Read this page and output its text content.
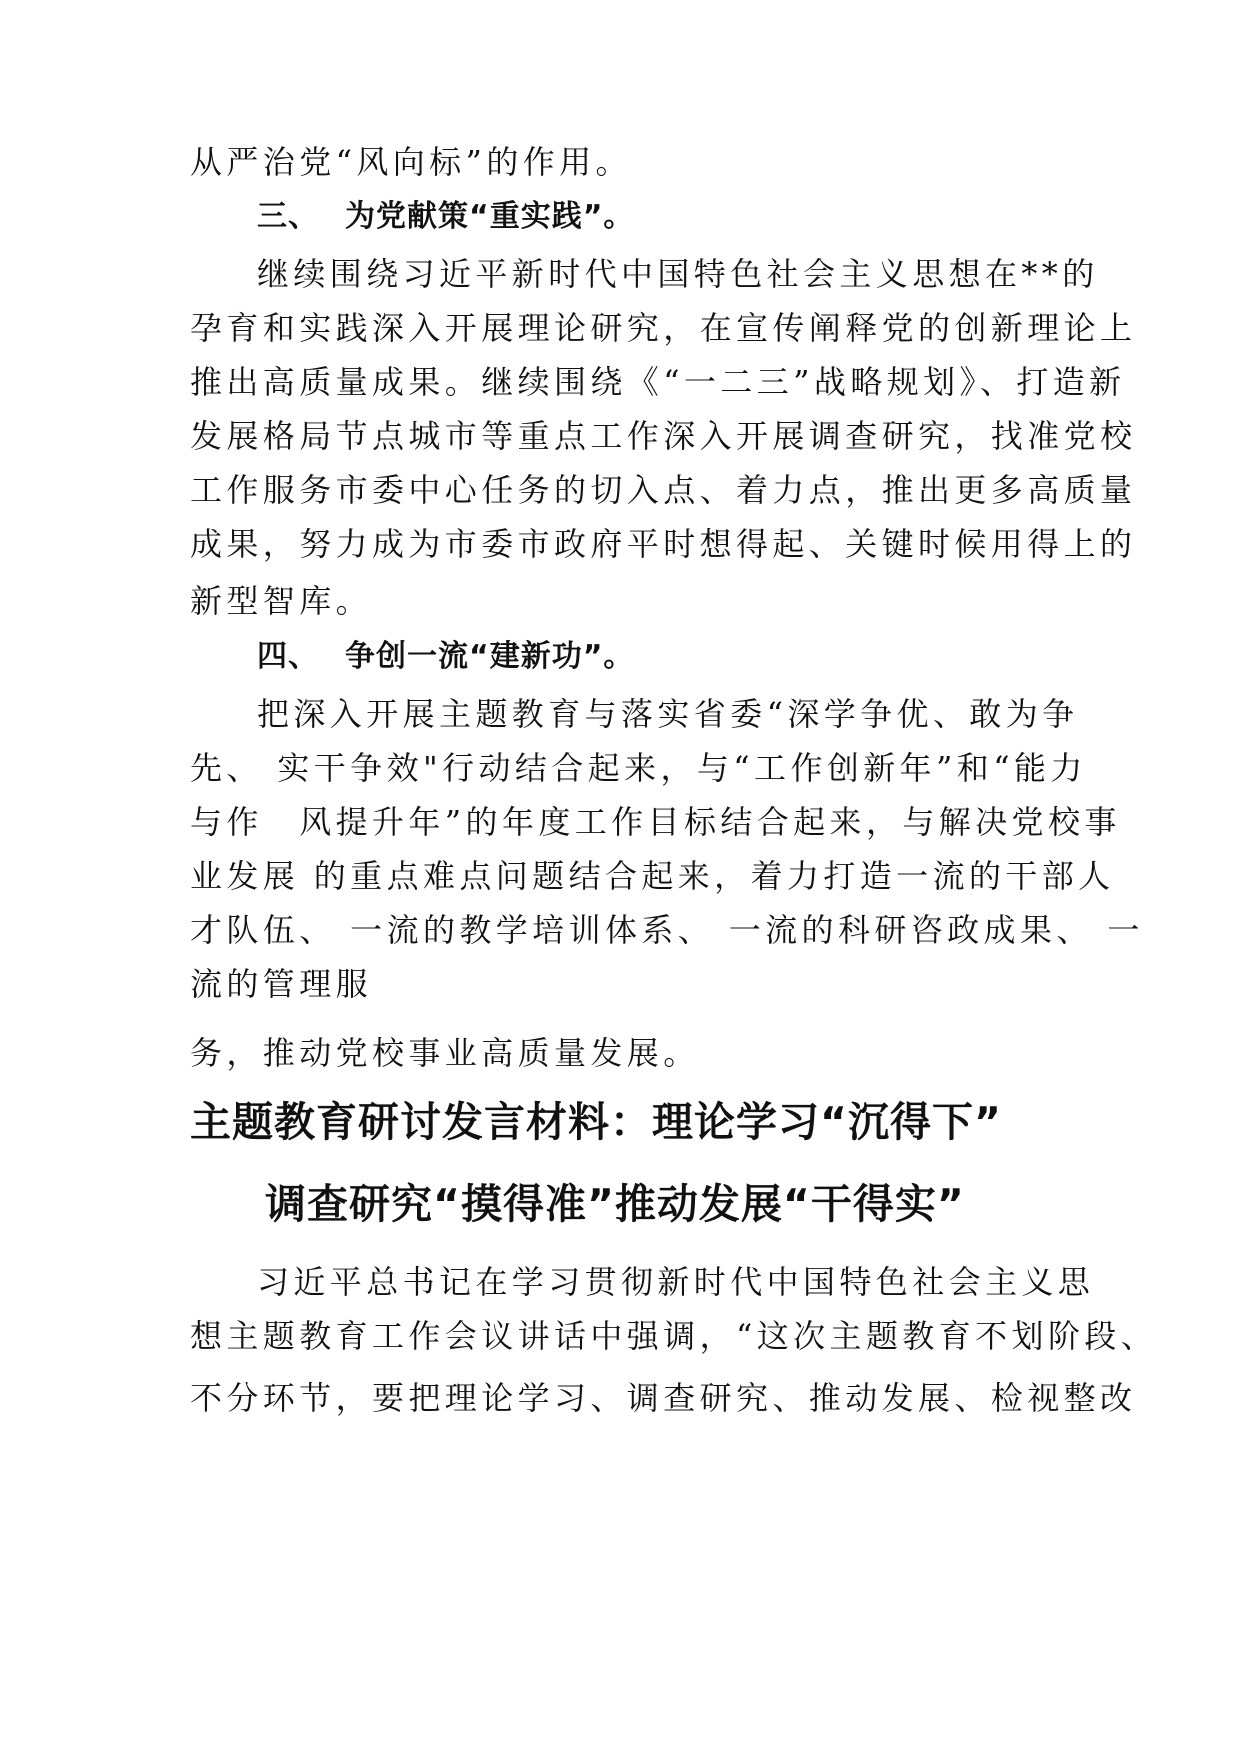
从严治党“风向标”的作用。
三、 为党献策“重实践”。
继续围绕习近平新时代中国特色社会主义思想在**的
孕育和实践深入开展理论研究，在宣传阐释党的创新理论上
推出高质量成果。继续围绕《“一二三”战略规划》、打造新
发展格局节点城市等重点工作深入开展调查研究，找准党校
工作服务市委中心任务的切入点、着力点，推出更多高质量
成果，努力成为市委市政府平时想得起、关键时候用得上的
新型智库。
四、 争创一流“建新功”。
把深入开展主题教育与落实省委“深学争优、敢为争
先、 实干争效"行动结合起来，与“工作创新年”和“能力
与作　风提升年”的年度工作目标结合起来，与解决党校事
业发展 的重点难点问题结合起来，着力打造一流的干部人
才队伍、 一流的教学培训体系、 一流的科研咨政成果、 一
流的管理服
务，推动党校事业高质量发展。
主题教育研讨发言材料：理论学习“沉得下”
调查研究“摸得准”推动发展“干得实”
习近平总书记在学习贯彻新时代中国特色社会主义思
想主题教育工作会议讲话中强调，“这次主题教育不划阶段、
不分环节，要把理论学习、调查研究、推动发展、检视整改
